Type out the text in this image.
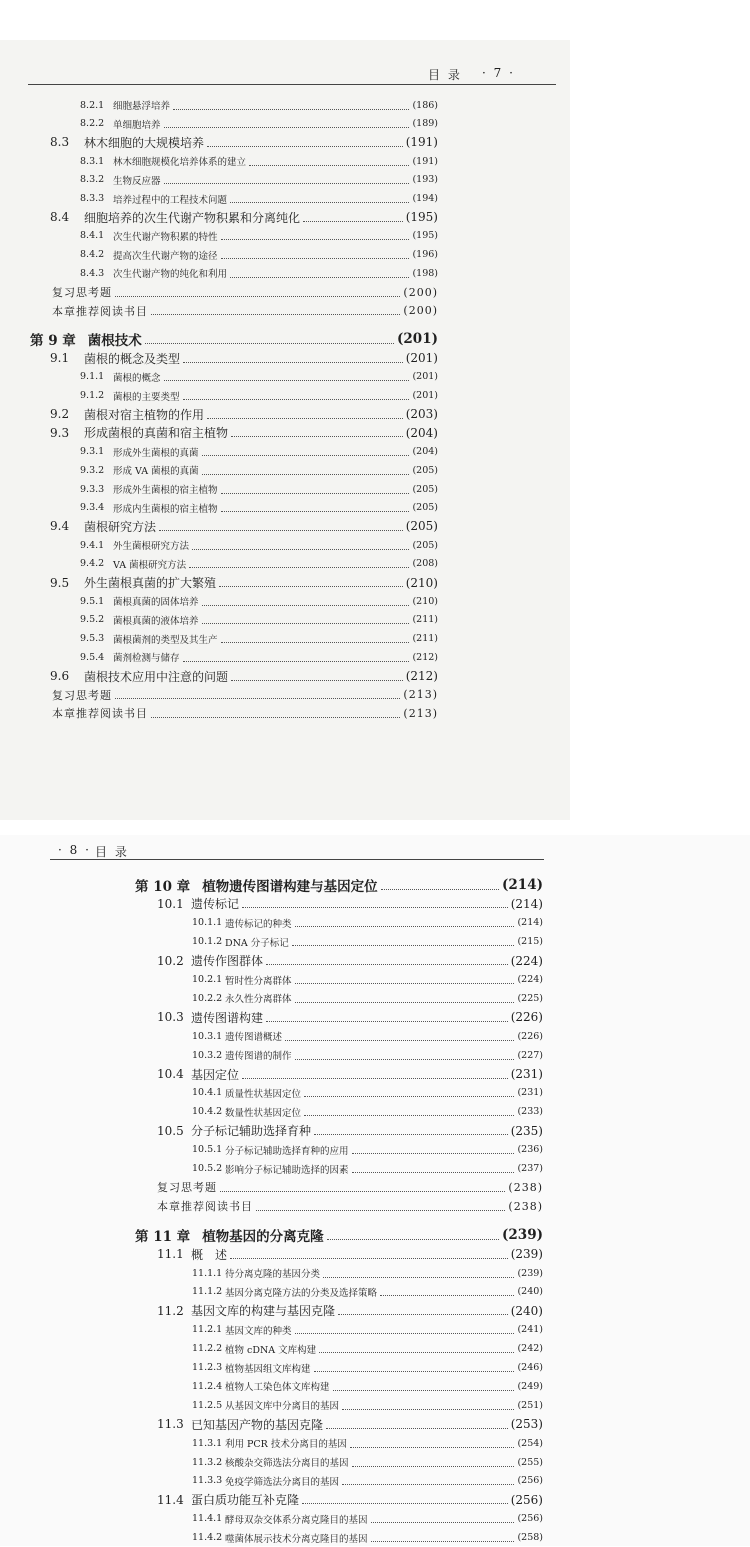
目 录 · 7 ·
8.2.1 细胞悬浮培养	(186)
8.2.2 单细胞培养	(189)
8.3	林木细胞的大规模培养	(191)
8.3.1 林木细胞规模化培养体系的建立	(191)
8.3.2 生物反应器	(193)
8.3.3 培养过程中的工程技术问题	(194)
8.4	细胞培养的次生代谢产物积累和分离纯化	(195)
8.4.1 次生代谢产物积累的特性	(195)
8.4.2 提高次生代谢产物的途径	(196)
8.4.3 次生代谢产物的纯化和利用	(198)
复习思考题	(200)
本章推荐阅读书目	(200)
第 9 章 菌根技术	(201)
9.1	菌根的概念及类型	(201)
9.1.1 菌根的概念	(201)
9.1.2 菌根的主要类型	(201)
9.2	菌根对宿主植物的作用	(203)
9.3	形成菌根的真菌和宿主植物	(204)
9.3.1 形成外生菌根的真菌	(204)
9.3.2 形成 VA 菌根的真菌	(205)
9.3.3 形成外生菌根的宿主植物	(205)
9.3.4 形成内生菌根的宿主植物	(205)
9.4	菌根研究方法	(205)
9.4.1 外生菌根研究方法	(205)
9.4.2 VA 菌根研究方法	(208)
9.5	外生菌根真菌的扩大繁殖	(210)
9.5.1 菌根真菌的固体培养	(210)
9.5.2 菌根真菌的液体培养	(211)
9.5.3 菌根菌剂的类型及其生产	(211)
9.5.4 菌剂检测与储存	(212)
9.6	菌根技术应用中注意的问题	(212)
复习思考题	(213)
本章推荐阅读书目	(213)
· 8 · 目 录
第 10 章 植物遗传图谱构建与基因定位	(214)
10.1 遗传标记	(214)
10.1.1 遗传标记的种类	(214)
10.1.2 DNA 分子标记	(215)
10.2 遗传作图群体	(224)
10.2.1 暂时性分离群体	(224)
10.2.2 永久性分离群体	(225)
10.3 遗传图谱构建	(226)
10.3.1 遗传图谱概述	(226)
10.3.2 遗传图谱的制作	(227)
10.4 基因定位	(231)
10.4.1 质量性状基因定位	(231)
10.4.2 数量性状基因定位	(233)
10.5 分子标记辅助选择育种	(235)
10.5.1 分子标记辅助选择育种的应用	(236)
10.5.2 影响分子标记辅助选择的因素	(237)
复习思考题	(238)
本章推荐阅读书目	(238)
第 11 章 植物基因的分离克隆	(239)
11.1 概　述	(239)
11.1.1 待分离克隆的基因分类	(239)
11.1.2 基因分离克隆方法的分类及选择策略	(240)
11.2 基因文库的构建与基因克隆	(240)
11.2.1 基因文库的种类	(241)
11.2.2 植物 cDNA 文库构建	(242)
11.2.3 植物基因组文库构建	(246)
11.2.4 植物人工染色体文库构建	(249)
11.2.5 从基因文库中分离目的基因	(251)
11.3 已知基因产物的基因克隆	(253)
11.3.1 利用 PCR 技术分离目的基因	(254)
11.3.2 核酸杂交筛选法分离目的基因	(255)
11.3.3 免疫学筛选法分离目的基因	(256)
11.4 蛋白质功能互补克隆	(256)
11.4.1 酵母双杂交体系分离克隆目的基因	(256)
11.4.2 噬菌体展示技术分离克隆目的基因	(258)
